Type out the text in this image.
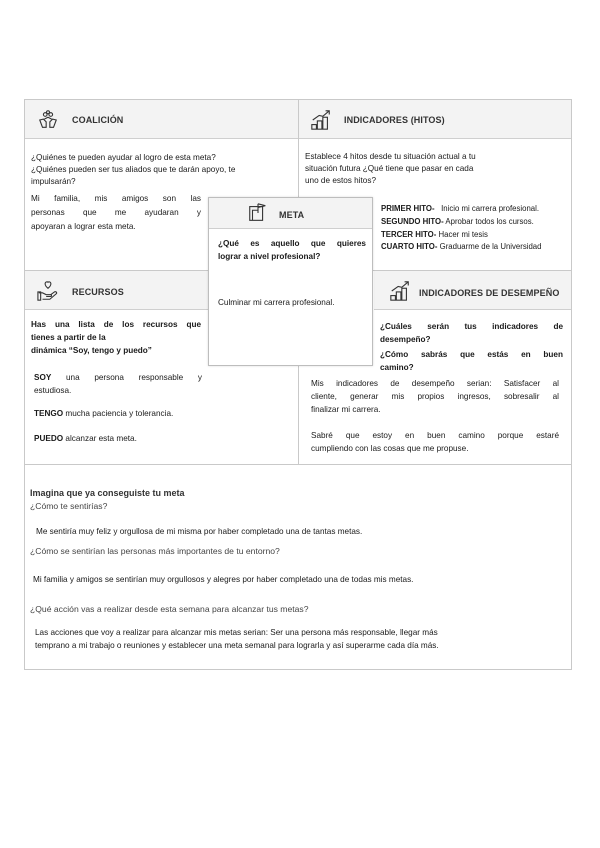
COALICIÓN
¿Quiénes te pueden ayudar al logro de esta meta?
¿Quiénes pueden ser tus aliados que te darán apoyo, te
impulsarán?
Mi familia, mis amigos son las
personas que me ayudaran y
apoyaran a lograr esta meta.
INDICADORES (HITOS)
Establece 4 hitos desde tu situación actual a tu
situación futura ¿Qué tiene que pasar en cada
uno de estos hitos?
PRIMER HITO- Inicio mi carrera profesional.
SEGUNDO HITO- Aprobar todos los cursos.
TERCER HITO- Hacer mi tesis
CUARTO HITO- Graduarme de la Universidad
RECURSOS
Has una lista de los recursos que
tienes a partir de la
dinámica “Soy, tengo y puedo”
SOY una persona responsable y
estudiosa.
TENGO mucha paciencia y tolerancia.
PUEDO alcanzar esta meta.
INDICADORES DE DESEMPEÑO
¿Cuáles serán tus indicadores de
desempeño?
¿Cómo sabrás que estás en buen
camino?
Mis indicadores de desempeño serian: Satisfacer al
cliente, generar mis propios ingresos, sobresalir al
finalizar mi carrera.
Sabré que estoy en buen camino porque estaré
cumpliendo con las cosas que me propuse.
META
¿Qué es aquello que quieres
lograr a nivel profesional?
Culminar mi carrera profesional.
Imagina que ya conseguiste tu meta
¿Cómo te sentirías?
Me sentiría muy feliz y orgullosa de mi misma por haber completado una de tantas metas.
¿Cómo se sentirían las personas más importantes de tu entorno?
Mi familia y amigos se sentirían muy orgullosos y alegres por haber completado una de todas mis metas.
¿Qué acción vas a realizar desde esta semana para alcanzar tus metas?
Las acciones que voy a realizar para alcanzar mis metas serian: Ser una persona más responsable, llegar más
temprano a mi trabajo o reuniones y establecer una meta semanal para lograrla y así superarme cada día más.
